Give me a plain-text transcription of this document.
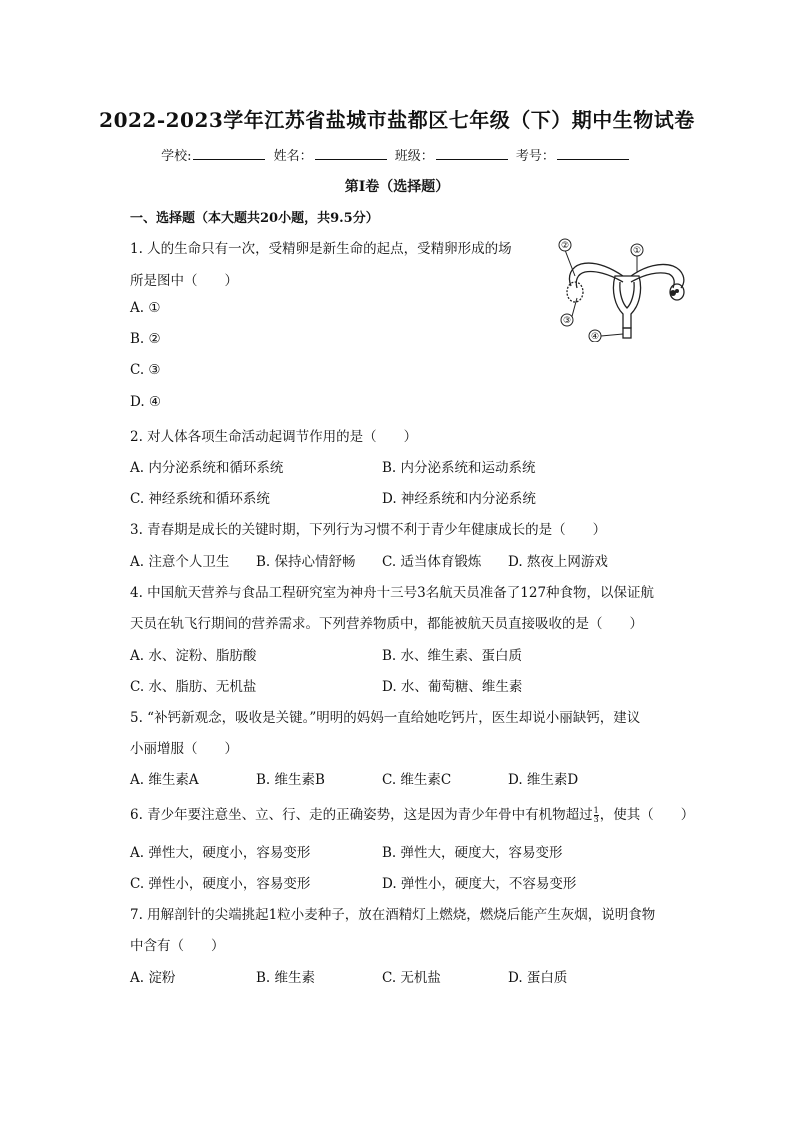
2022-2023学年江苏省盐城市盐都区七年级（下）期中生物试卷
学校:	姓名：	班级：	考号：
第I卷（选择题）
一、选择题（本大题共20小题，共9.5分）
1. 人的生命只有一次，受精卵是新生命的起点，受精卵形成的场
所是图中（　　）
A. ①
B. ②
C. ③
D. ④
②	①
③
④
2. 对人体各项生命活动起调节作用的是（　　）
A. 内分泌系统和循环系统	B. 内分泌系统和运动系统
C. 神经系统和循环系统	D. 神经系统和内分泌系统
3. 青春期是成长的关键时期，下列行为习惯不利于青少年健康成长的是（　　）
A. 注意个人卫生 B. 保持心情舒畅 C. 适当体育锻炼 D. 熬夜上网游戏
4. 中国航天营养与食品工程研究室为神舟十三号3名航天员准备了127种食物，以保证航
天员在轨飞行期间的营养需求。下列营养物质中，都能被航天员直接吸收的是（　　）
A. 水、淀粉、脂肪酸	B. 水、维生素、蛋白质
C. 水、脂肪、无机盐	D. 水、葡萄糖、维生素
5. “补钙新观念，吸收是关键。”明明的妈妈一直给她吃钙片，医生却说小丽缺钙，建议
小丽增服（　　）
A. 维生素A	B. 维生素B	C. 维生素C	D. 维生素D
6. 青少年要注意坐、立、行、走的正确姿势，这是因为青少年骨中有机物超过 $\frac{1}{3}$ ，使其（　　）
A. 弹性大，硬度小，容易变形	B. 弹性大，硬度大，容易变形
C. 弹性小，硬度小，容易变形	D. 弹性小，硬度大，不容易变形
7. 用解剖针的尖端挑起1粒小麦种子，放在酒精灯上燃烧，燃烧后能产生灰烟，说明食物
中含有（　　）
A. 淀粉	B. 维生素	C. 无机盐	D. 蛋白质
